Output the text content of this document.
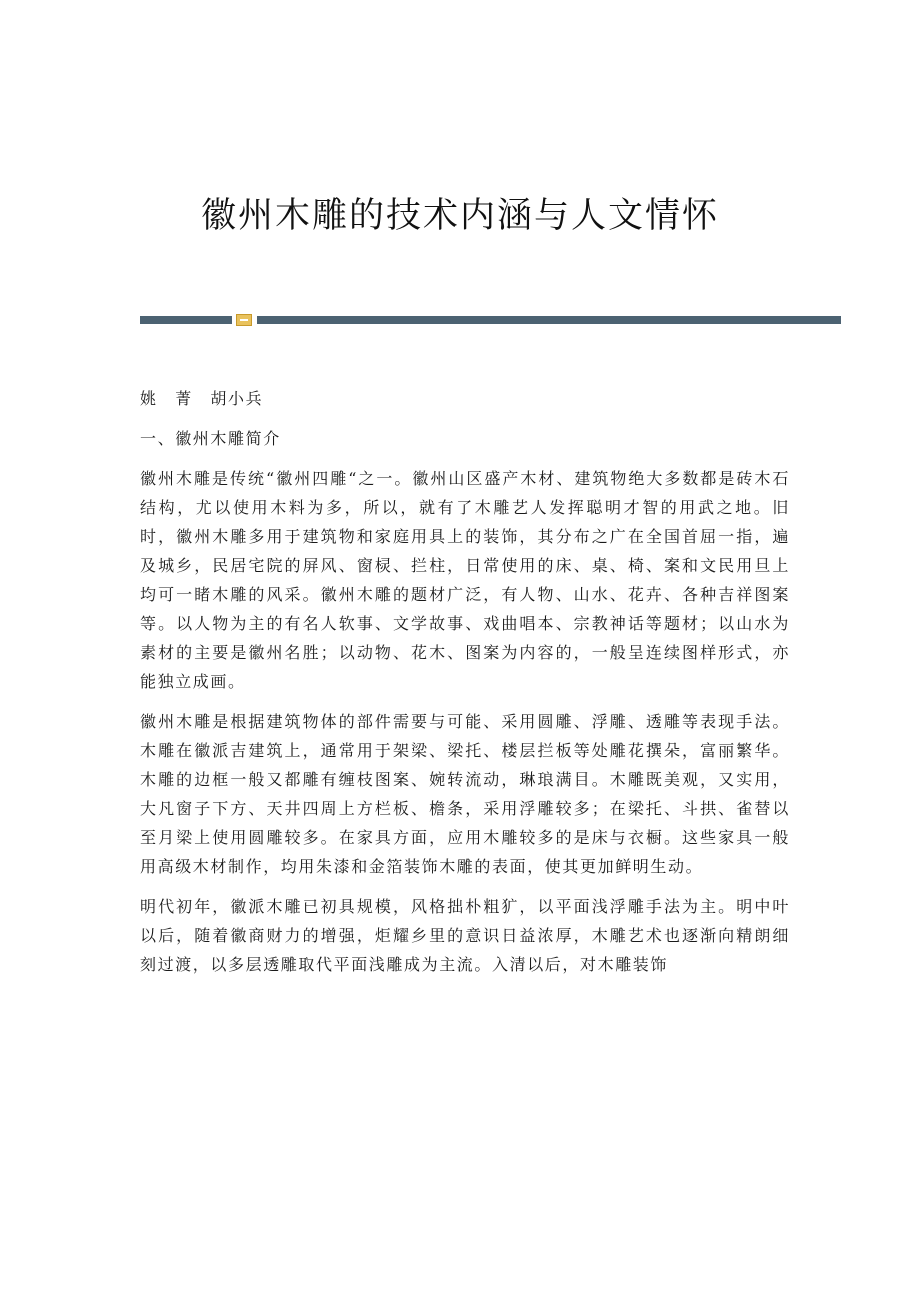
徽州木雕的技术内涵与人文情怀

姚　菁　胡小兵

一、徽州木雕简介

徽州木雕是传统“徽州四雕“之一。徽州山区盛产木材、建筑物绝大多数都是砖木石结构，尤以使用木料为多，所以，就有了木雕艺人发挥聪明才智的用武之地。旧时，徽州木雕多用于建筑物和家庭用具上的装饰，其分布之广在全国首屈一指，遍及城乡，民居宅院的屏风、窗棂、拦柱，日常使用的床、桌、椅、案和文民用旦上均可一睹木雕的风采。徽州木雕的题材广泛，有人物、山水、花卉、各种吉祥图案等。以人物为主的有名人软事、文学故事、戏曲唱本、宗教神话等题材；以山水为素材的主要是徽州名胜；以动物、花木、图案为内容的，一般呈连续图样形式，亦能独立成画。

徽州木雕是根据建筑物体的部件需要与可能、采用圆雕、浮雕、透雕等表现手法。木雕在徽派吉建筑上，通常用于架梁、梁托、楼层拦板等处雕花撰朵，富丽繁华。木雕的边框一般又都雕有缠枝图案、婉转流动，琳琅满目。木雕既美观，又实用，大凡窗子下方、天井四周上方栏板、檐条，采用浮雕较多；在梁托、斗拱、雀替以至月梁上使用圆雕较多。在家具方面，应用木雕较多的是床与衣橱。这些家具一般用高级木材制作，均用朱漆和金箔装饰木雕的表面，使其更加鲜明生动。

明代初年，徽派木雕已初具规模，风格拙朴粗犷，以平面浅浮雕手法为主。明中叶以后，随着徽商财力的增强，炬耀乡里的意识日益浓厚，木雕艺术也逐渐向精朗细刻过渡，以多层透雕取代平面浅雕成为主流。入清以后，对木雕装饰
